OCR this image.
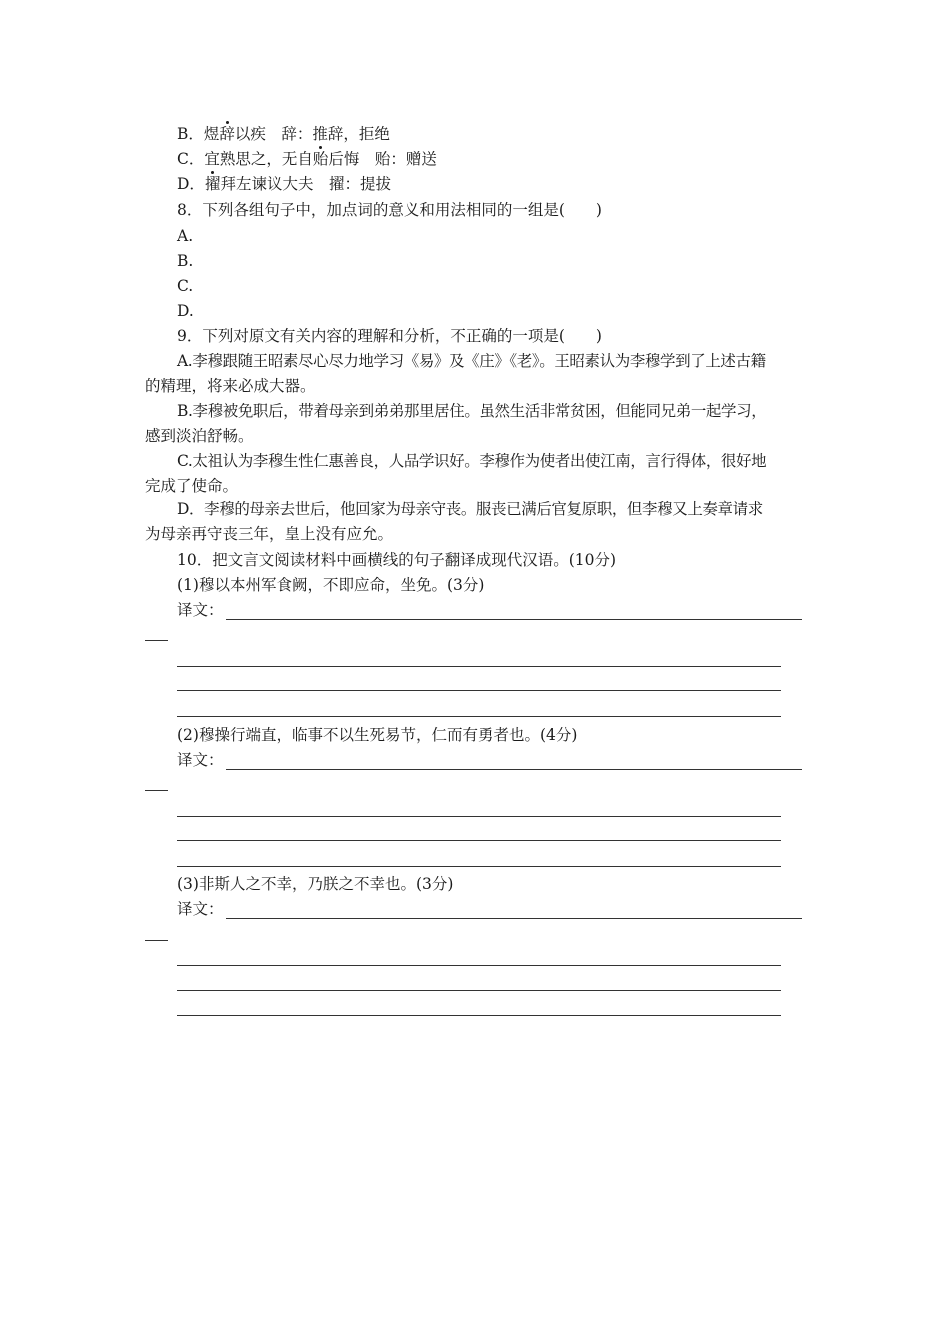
B．煜辞以疾　辞：推辞，拒绝
C．宜熟思之，无自贻后悔　贻：赠送
D．擢拜左谏议大夫　擢：提拔
8．下列各组句子中，加点词的意义和用法相同的一组是(　　)
A.
B.
C.
D.
9．下列对原文有关内容的理解和分析，不正确的一项是(　　)
A.李穆跟随王昭素尽心尽力地学习《易》及《庄》《老》。王昭素认为李穆学到了上述古籍
的精理，将来必成大器。
B.李穆被免职后，带着母亲到弟弟那里居住。虽然生活非常贫困，但能同兄弟一起学习，
感到淡泊舒畅。
C.太祖认为李穆生性仁惠善良，人品学识好。李穆作为使者出使江南，言行得体，很好地
完成了使命。
D．李穆的母亲去世后，他回家为母亲守丧。服丧已满后官复原职，但李穆又上奏章请求
为母亲再守丧三年，皇上没有应允。
10．把文言文阅读材料中画横线的句子翻译成现代汉语。(10分)
(1)穆以本州军食阙，不即应命，坐免。(3分)
译文：
(2)穆操行端直，临事不以生死易节，仁而有勇者也。(4分)
译文：
(3)非斯人之不幸，乃朕之不幸也。(3分)
译文：
